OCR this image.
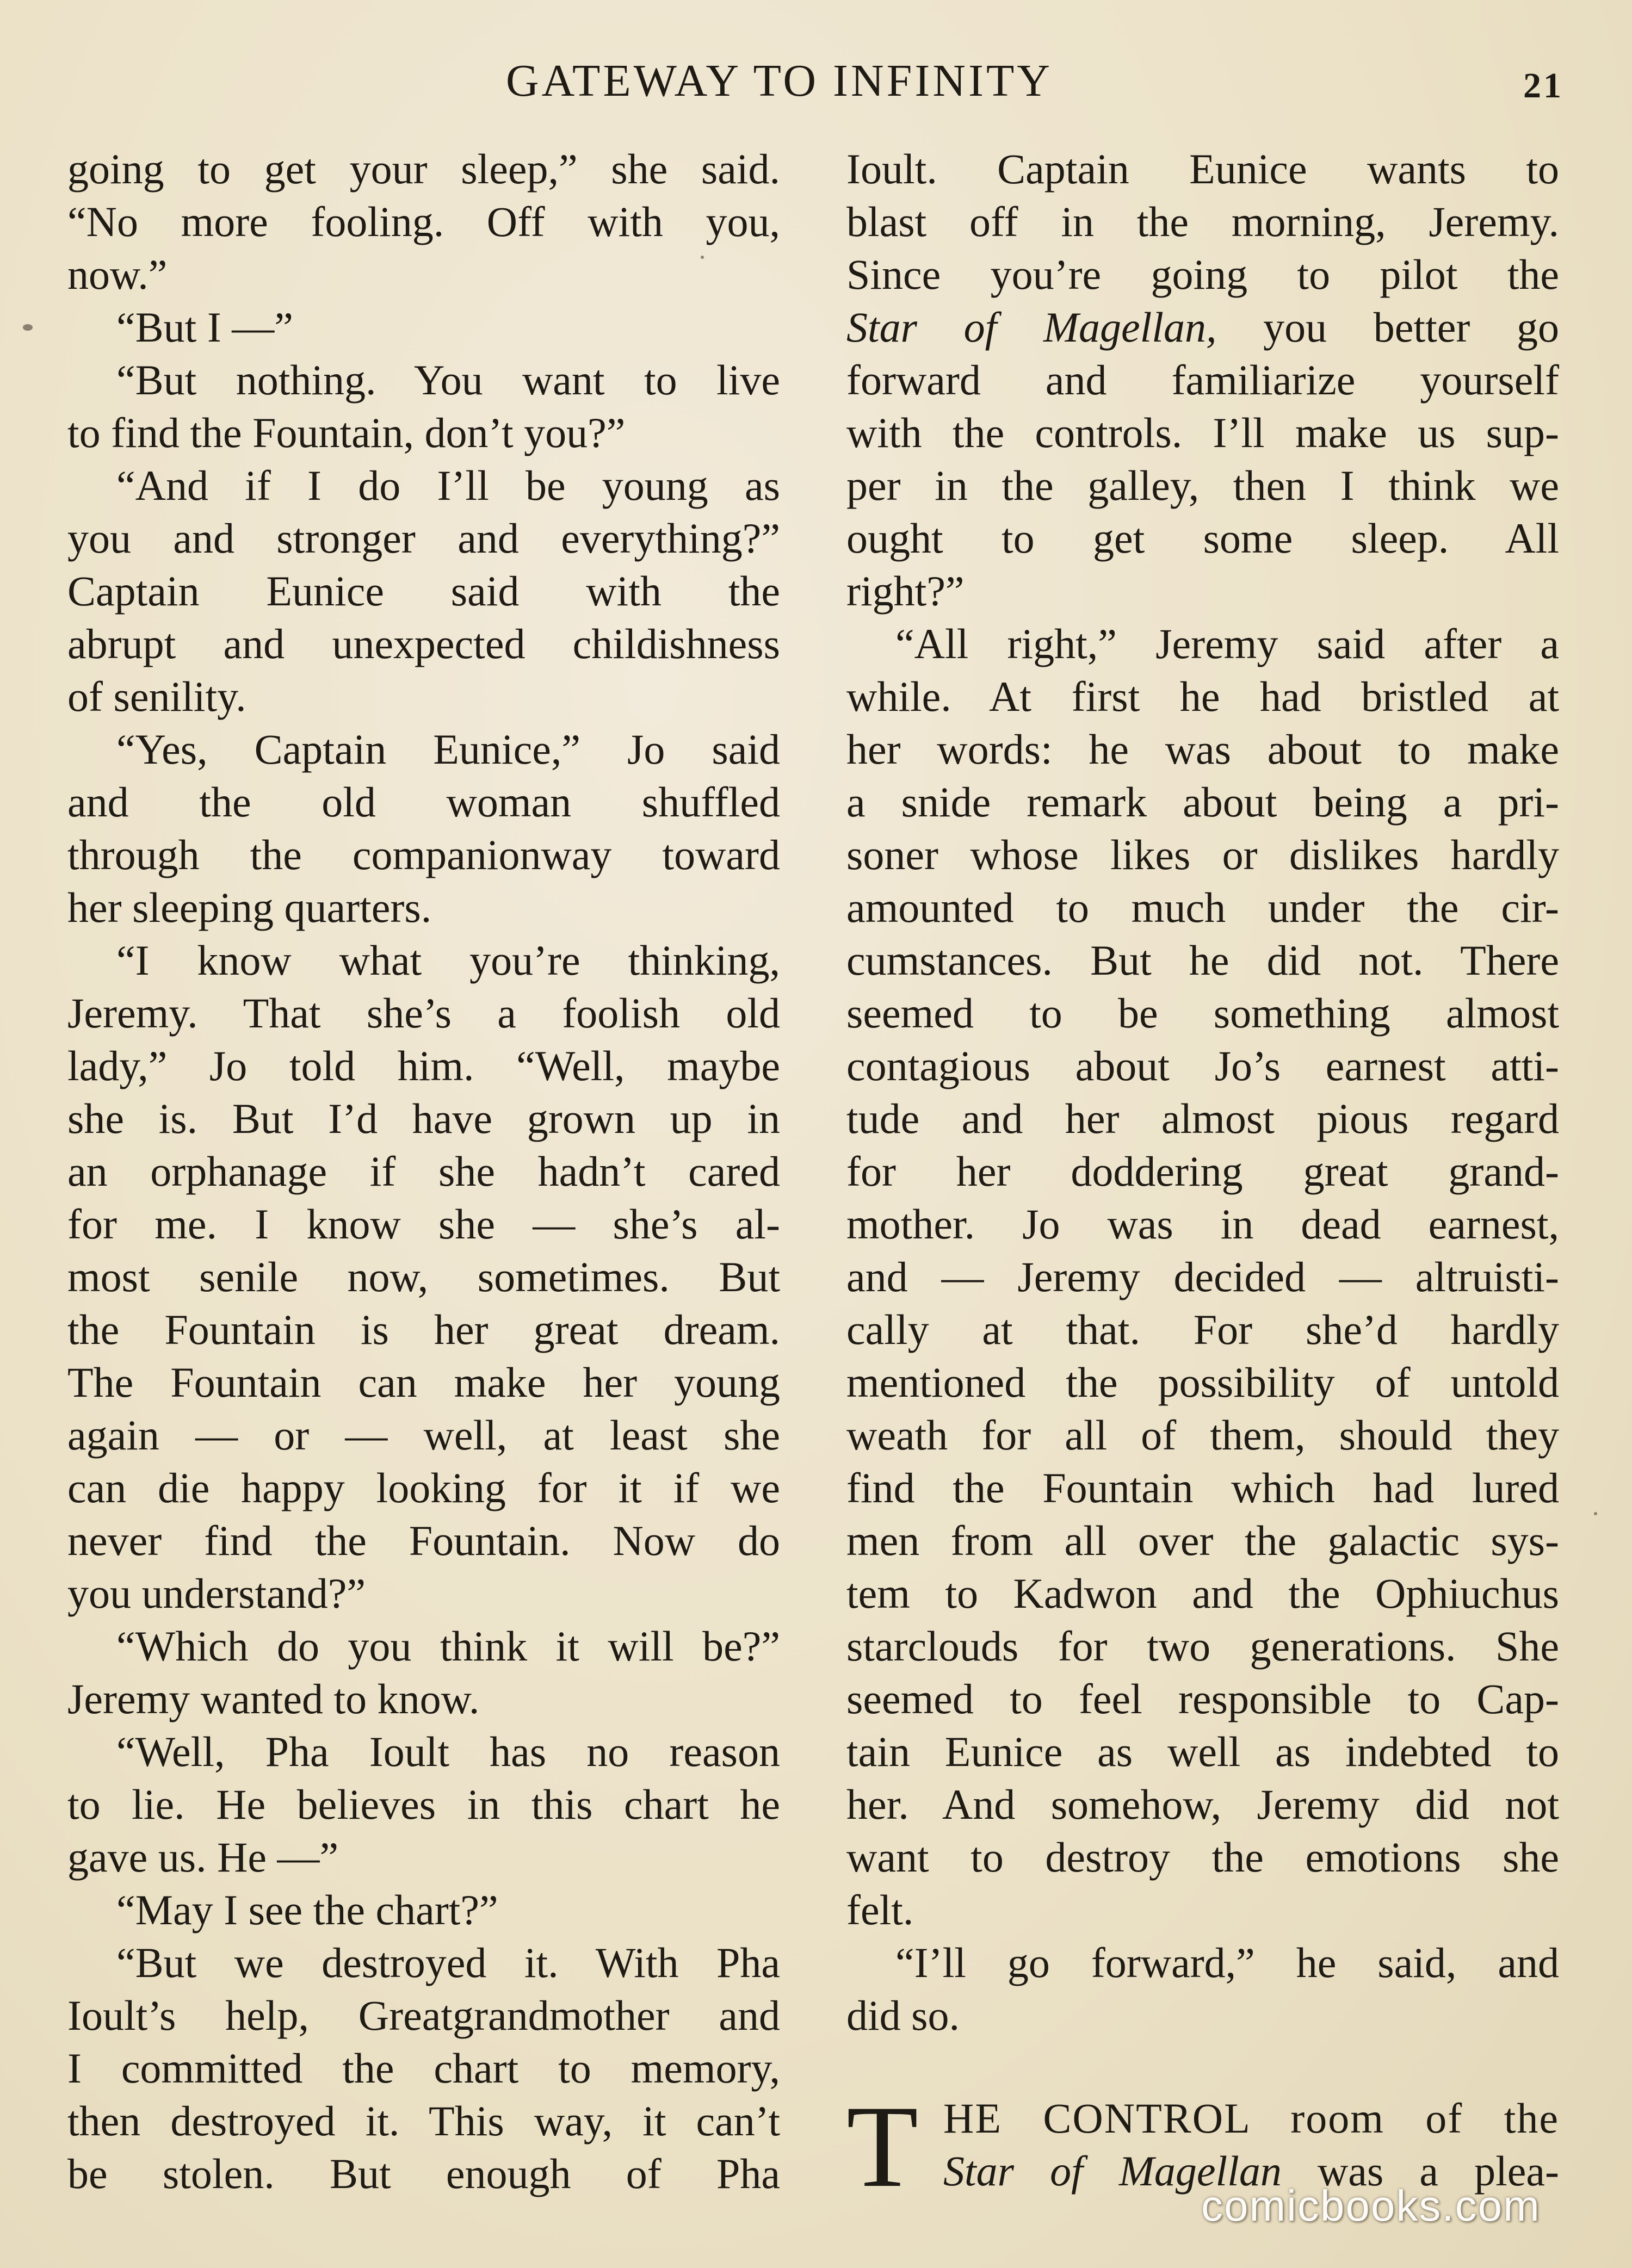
GATEWAY TO INFINITY	21
going to get your sleep,” she said.
“No more fooling. Off with you,
now.”
“But I —”
“But nothing. You want to live
to find the Fountain, don’t you?”
“And if I do I’ll be young as
you and stronger and everything?”
Captain Eunice said with the
abrupt and unexpected childishness
of senility.
“Yes, Captain Eunice,” Jo said
and the old woman shuffled
through the companionway toward
her sleeping quarters.
“I know what you’re thinking,
Jeremy. That she’s a foolish old
lady,” Jo told him. “Well, maybe
she is. But I’d have grown up in
an orphanage if she hadn’t cared
for me. I know she — she’s al-
most senile now, sometimes. But
the Fountain is her great dream.
The Fountain can make her young
again — or — well, at least she
can die happy looking for it if we
never find the Fountain. Now do
you understand?”
“Which do you think it will be?”
Jeremy wanted to know.
“Well, Pha Ioult has no reason
to lie. He believes in this chart he
gave us. He —”
“May I see the chart?”
“But we destroyed it. With Pha
Ioult’s help, Greatgrandmother and
I committed the chart to memory,
then destroyed it. This way, it can’t
be stolen. But enough of Pha
Ioult. Captain Eunice wants to
blast off in the morning, Jeremy.
Since you’re going to pilot the
Star of Magellan, you better go
forward and familiarize yourself
with the controls. I’ll make us sup-
per in the galley, then I think we
ought to get some sleep. All
right?”
“All right,” Jeremy said after a
while. At first he had bristled at
her words: he was about to make
a snide remark about being a pri-
soner whose likes or dislikes hardly
amounted to much under the cir-
cumstances. But he did not. There
seemed to be something almost
contagious about Jo’s earnest atti-
tude and her almost pious regard
for her doddering great grand-
mother. Jo was in dead earnest,
and — Jeremy decided — altruisti-
cally at that. For she’d hardly
mentioned the possibility of untold
weath for all of them, should they
find the Fountain which had lured
men from all over the galactic sys-
tem to Kadwon and the Ophiuchus
starclouds for two generations. She
seemed to feel responsible to Cap-
tain Eunice as well as indebted to
her. And somehow, Jeremy did not
want to destroy the emotions she
felt.
“I’ll go forward,” he said, and
did so.
T HE CONTROL room of the
Star of Magellan was a plea-
comicbooks.com
